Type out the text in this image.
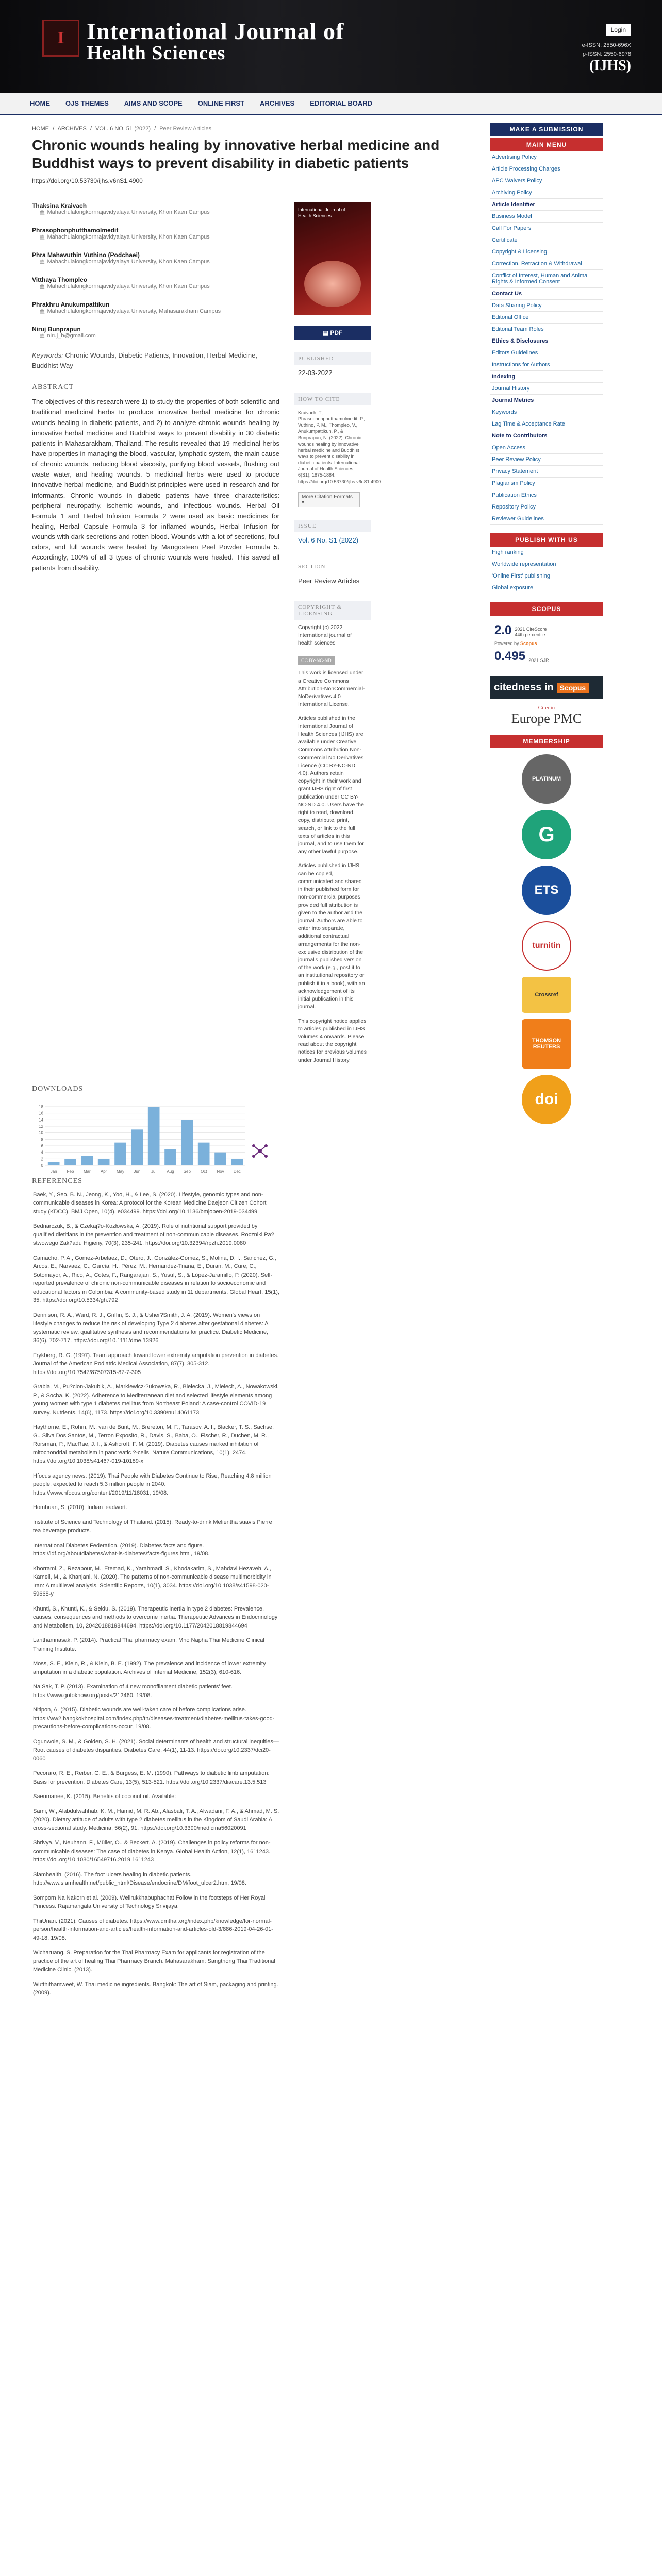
I International Journal of
Health Sciences
Login
e-ISSN: 2550-696X
p-ISSN: 2550-6978
(IJHS)
HOME OJS THEMES AIMS AND SCOPE ONLINE FIRST ARCHIVES EDITORIAL BOARD
HOME / ARCHIVES / VOL. 6 NO. 51 (2022) / Peer Review Articles
Chronic wounds healing by innovative herbal medicine and Buddhist ways to prevent disability in diabetic patients
https://doi.org/10.53730/ijhs.v6nS1.4900
Thaksina Kraivach
🏛 Mahachulalongkornrajavidyalaya University, Khon Kaen Campus
Phrasophonphutthamolmedit
🏛 Mahachulalongkornrajavidyalaya University, Khon Kaen Campus
Phra Mahavuthin Vuthino (Podchaei)
🏛 Mahachulalongkornrajavidyalaya University, Khon Kaen Campus
Vitthaya Thompleo
🏛 Mahachulalongkornrajavidyalaya University, Khon Kaen Campus
Phrakhru Anukumpattikun
🏛 Mahachulalongkornrajavidyalaya University, Mahasarakham Campus
Niruj Bunprapun
🏛 niruj_b@gmail.com
Keywords: Chronic Wounds, Diabetic Patients, Innovation, Herbal Medicine, Buddhist Way
ABSTRACT
The objectives of this research were 1) to study the properties of both scientific and traditional medicinal herbs to produce innovative herbal medicine for chronic wounds healing in diabetic patients, and 2) to analyze chronic wounds healing by innovative herbal medicine and Buddhist ways to prevent disability in 30 diabetic patients in Mahasarakham, Thailand. The results revealed that 19 medicinal herbs have properties in managing the blood, vascular, lymphatic system, the main cause of chronic wounds, reducing blood viscosity, purifying blood vessels, flushing out waste water, and healing wounds. 5 medicinal herbs were used to produce innovative herbal medicine, and Buddhist principles were used in research and for informants. Chronic wounds in diabetic patients have three characteristics: peripheral neuropathy, ischemic wounds, and infectious wounds. Herbal Oil Formula 1 and Herbal Infusion Formula 2 were used as basic medicines for healing, Herbal Capsule Formula 3 for inflamed wounds, Herbal Infusion for wounds with dark secretions and rotten blood. Wounds with a lot of secretions, foul odors, and full wounds were healed by Mangosteen Peel Powder Formula 5. Accordingly, 100% of all 3 types of chronic wounds were healed. This saved all patients from disability.
International Journal of
Health Sciences
▤ PDF
PUBLISHED
22-03-2022
HOW TO CITE
Kraivach, T., Phrasophonphutthamolmedit, P., Vuthino, P. M., Thompleo, V., Anukumpattikun, P., & Bunprapun, N. (2022). Chronic wounds healing by innovative herbal medicine and Buddhist ways to prevent disability in diabetic patients. International Journal of Health Sciences, 6(S1), 1875-1884. https://doi.org/10.53730/ijhs.v6nS1.4900
More Citation Formats ▾
ISSUE
Vol. 6 No. S1 (2022)
SECTION
Peer Review Articles
COPYRIGHT & LICENSING

Copyright (c) 2022 International journal of health sciences

CC BY-NC-ND

This work is licensed under a Creative Commons Attribution-NonCommercial-NoDerivatives 4.0 International License.

Articles published in the International Journal of Health Sciences (IJHS) are available under Creative Commons Attribution Non-Commercial No Derivatives Licence (CC BY-NC-ND 4.0). Authors retain copyright in their work and grant IJHS right of first publication under CC BY-NC-ND 4.0. Users have the right to read, download, copy, distribute, print, search, or link to the full texts of articles in this journal, and to use them for any other lawful purpose.

Articles published in IJHS can be copied, communicated and shared in their published form for non-commercial purposes provided full attribution is given to the author and the journal. Authors are able to enter into separate, additional contractual arrangements for the non-exclusive distribution of the journal's published version of the work (e.g., post it to an institutional repository or publish it in a book), with an acknowledgement of its initial publication in this journal.

This copyright notice applies to articles published in IJHS volumes 4 onwards. Please read about the copyright notices for previous volumes under Journal History.

DOWNLOADS
0
2
4
6
8
10
12
14
16
18
Jan Feb Mar Apr May Jun	Jul	Aug Sep Oct Nov Dec

REFERENCES

Baek, Y., Seo, B. N., Jeong, K., Yoo, H., & Lee, S. (2020). Lifestyle, genomic types and non-communicable diseases in Korea: A protocol for the Korean Medicine Daejeon Citizen Cohort study (KDCC). BMJ Open, 10(4), e034499. https://doi.org/10.1136/bmjopen-2019-034499

Bednarczuk, B., & Czekaj?o-Kozłowska, A. (2019). Role of nutritional support provided by qualified dietitians in the prevention and treatment of non-communicable diseases. Roczniki Pa?stwowego Zak?adu Higieny, 70(3), 235-241. https://doi.org/10.32394/rpzh.2019.0080

Camacho, P. A., Gomez-Arbelaez, D., Otero, J., González-Gómez, S., Molina, D. I., Sanchez, G., Arcos, E., Narvaez, C., García, H., Pérez, M., Hernandez-Triana, E., Duran, M., Cure, C., Sotomayor, A., Rico, A., Cotes, F., Rangarajan, S., Yusuf, S., & López-Jaramillo, P. (2020). Self-reported prevalence of chronic non-communicable diseases in relation to socioeconomic and educational factors in Colombia: A community-based study in 11 departments. Global Heart, 15(1), 35. https://doi.org/10.5334/gh.792

Dennison, R. A., Ward, R. J., Griffin, S. J., & Usher?Smith, J. A. (2019). Women's views on lifestyle changes to reduce the risk of developing Type 2 diabetes after gestational diabetes: A systematic review, qualitative synthesis and recommendations for practice. Diabetic Medicine, 36(6), 702-717. https://doi.org/10.1111/dme.13926

Frykberg, R. G. (1997). Team approach toward lower extremity amputation prevention in diabetes. Journal of the American Podiatric Medical Association, 87(7), 305-312. https://doi.org/10.7547/87507315-87-7-305

Grabia, M., Pu?cion-Jakubik, A., Markiewicz-?ukowska, R., Bielecka, J., Mielech, A., Nowakowski, P., & Socha, K. (2022). Adherence to Mediterranean diet and selected lifestyle elements among young women with type 1 diabetes mellitus from Northeast Poland: A case-control COVID-19 survey. Nutrients, 14(6), 1173. https://doi.org/10.3390/nu14061173

Haythorne, E., Rohm, M., van de Bunt, M., Brereton, M. F., Tarasov, A. I., Blacker, T. S., Sachse, G., Silva Dos Santos, M., Terron Exposito, R., Davis, S., Baba, O., Fischer, R., Duchen, M. R., Rorsman, P., MacRae, J. I., & Ashcroft, F. M. (2019). Diabetes causes marked inhibition of mitochondrial metabolism in pancreatic ?-cells. Nature Communications, 10(1), 2474. https://doi.org/10.1038/s41467-019-10189-x

Hfocus agency news. (2019). Thai People with Diabetes Continue to Rise, Reaching 4.8 million people, expected to reach 5.3 million people in 2040. https://www.hfocus.org/content/2019/11/18031, 19/08.

Homhuan, S. (2010). Indian leadwort.

Institute of Science and Technology of Thailand. (2015). Ready-to-drink Melientha suavis Pierre tea beverage products.

International Diabetes Federation. (2019). Diabetes facts and figure. https://idf.org/aboutdiabetes/what-is-diabetes/facts-figures.html, 19/08.

Khorrami, Z., Rezapour, M., Etemad, K., Yarahmadi, S., Khodakarim, S., Mahdavi Hezaveh, A., Kameli, M., & Khanjani, N. (2020). The patterns of non-communicable disease multimorbidity in Iran: A multilevel analysis. Scientific Reports, 10(1), 3034. https://doi.org/10.1038/s41598-020-59668-y

Khunti, S., Khunti, K., & Seidu, S. (2019). Therapeutic inertia in type 2 diabetes: Prevalence, causes, consequences and methods to overcome inertia. Therapeutic Advances in Endocrinology and Metabolism, 10, 2042018819844694. https://doi.org/10.1177/2042018819844694

Lanthamnasak, P. (2014). Practical Thai pharmacy exam. Mho Napha Thai Medicine Clinical Training Institute.

Moss, S. E., Klein, R., & Klein, B. E. (1992). The prevalence and incidence of lower extremity amputation in a diabetic population. Archives of Internal Medicine, 152(3), 610-616.

Na Sak, T. P. (2013). Examination of 4 new monofilament diabetic patients' feet. https://www.gotoknow.org/posts/212460, 19/08.

Nitipon, A. (2015). Diabetic wounds are well-taken care of before complications arise. https://ww2.bangkokhospital.com/index.php/th/diseases-treatment/diabetes-mellitus-takes-good-precautions-before-complications-occur, 19/08.

Ogunwole, S. M., & Golden, S. H. (2021). Social determinants of health and structural inequities—Root causes of diabetes disparities. Diabetes Care, 44(1), 11-13. https://doi.org/10.2337/dci20-0060

Pecoraro, R. E., Reiber, G. E., & Burgess, E. M. (1990). Pathways to diabetic limb amputation: Basis for prevention. Diabetes Care, 13(5), 513-521. https://doi.org/10.2337/diacare.13.5.513

Saenmanee, K. (2015). Benefits of coconut oil. Available:

Sami, W., Alabdulwahhab, K. M., Hamid, M. R. Ab., Alasbali, T. A., Alwadani, F. A., & Ahmad, M. S. (2020). Dietary attitude of adults with type 2 diabetes mellitus in the Kingdom of Saudi Arabia: A cross-sectional study. Medicina, 56(2), 91. https://doi.org/10.3390/medicina56020091

Shrivya, V., Neuhann, F., Müller, O., & Beckert, A. (2019). Challenges in policy reforms for non-communicable diseases: The case of diabetes in Kenya. Global Health Action, 12(1), 1611243. https://doi.org/10.1080/16549716.2019.1611243

Siamhealth. (2016). The foot ulcers healing in diabetic patients. http://www.siamhealth.net/public_html/Disease/endocrine/DM/foot_ulcer2.htm, 19/08.

Somporn Na Nakorn et al. (2009). Wellrukkhabuphachat Follow in the footsteps of Her Royal Princess. Rajamangala University of Technology Srivijaya.

ThiiUnan. (2021). Causes of diabetes. https://www.dmthai.org/index.php/knowledge/for-normal-person/health-information-and-articles/health-information-and-articles-old-3/886-2019-04-26-01-49-18, 19/08.

Wicharuang, S. Preparation for the Thai Pharmacy Exam for applicants for registration of the practice of the art of healing Thai Pharmacy Branch. Mahasarakham: Sangthong Thai Traditional Medicine Clinic. (2013).

Wutthithamweet, W. Thai medicine ingredients. Bangkok: The art of Siam, packaging and printing. (2009).

MAKE A SUBMISSION
MAIN MENU
Advertising Policy
Article Processing Charges
APC Waivers Policy
Archiving Policy
Article Identifier
Business Model
Call For Papers
Certificate
Copyright & Licensing
Correction, Retraction & Withdrawal
Conflict of Interest, Human and Animal Rights & Informed Consent
Contact Us
Data Sharing Policy
Editorial Office
Editorial Team Roles
Ethics & Disclosures
Editors Guidelines
Instructions for Authors
Indexing
Journal History
Journal Metrics
Keywords
Lag Time & Acceptance Rate
Note to Contributors
Open Access
Peer Review Policy
Privacy Statement
Plagiarism Policy
Publication Ethics
Repository Policy
Reviewer Guidelines
PUBLISH WITH US
High ranking
Worldwide representation
'Online First' publishing
Global exposure
SCOPUS
2.0 2021 CiteScore
44th percentile
Powered by Scopus
0.495 2021 SJR
citedness in Scopus
Citedin
Europe PMC
MEMBERSHIP
PLATINUM
G
ETS
turnitin
Crossref
THOMSON REUTERS
doi
